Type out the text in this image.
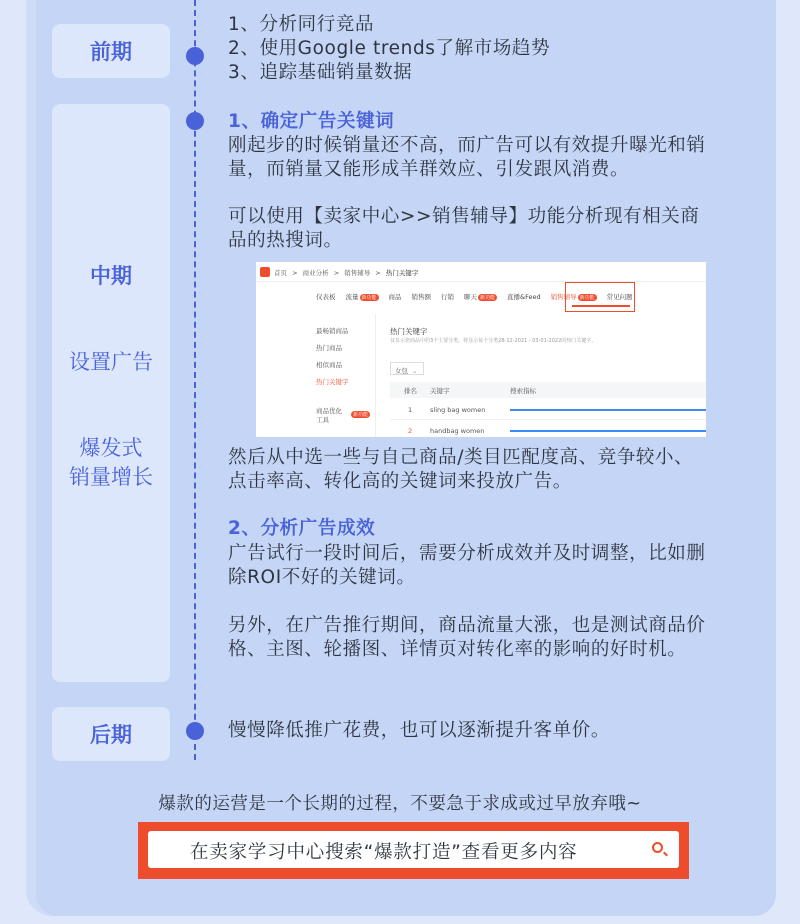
前期
中期
设置广告
爆发式
销量增长
后期
1、分析同行竞品
2、使用Google trends了解市场趋势
3、追踪基础销量数据
1、确定广告关键词
刚起步的时候销量还不高，而广告可以有效提升曝光和销
量，而销量又能形成羊群效应、引发跟风消费。
可以使用【卖家中心>>销售辅导】功能分析现有相关商
品的热搜词。
首页 > 商业分析 > 销售辅导 > 热门关键字
仪表板 流量 新功能 商品 销售额 行销 聊天 新功能 直播&Feed 销售辅导 新功能 常见问题
最畅销商品
热门商品
相似商品
热门关键字
商品优化工具
新功能
热门关键字
仅显示您商品中的3个主要分类。将显示每个分类28-12-2021 - 03-01-2022的热门关键字。
女包 ⌄
排名 关键字	搜索指标
1	sling bag women
2	handbag women
然后从中选一些与自己商品/类目匹配度高、竞争较小、
点击率高、转化高的关键词来投放广告。
2、分析广告成效
广告试行一段时间后，需要分析成效并及时调整，比如删
除ROI不好的关键词。
另外，在广告推行期间，商品流量大涨，也是测试商品价
格、主图、轮播图、详情页对转化率的影响的好时机。
慢慢降低推广花费，也可以逐渐提升客单价。
爆款的运营是一个长期的过程，不要急于求成或过早放弃哦~
在卖家学习中心搜索“爆款打造”查看更多内容
